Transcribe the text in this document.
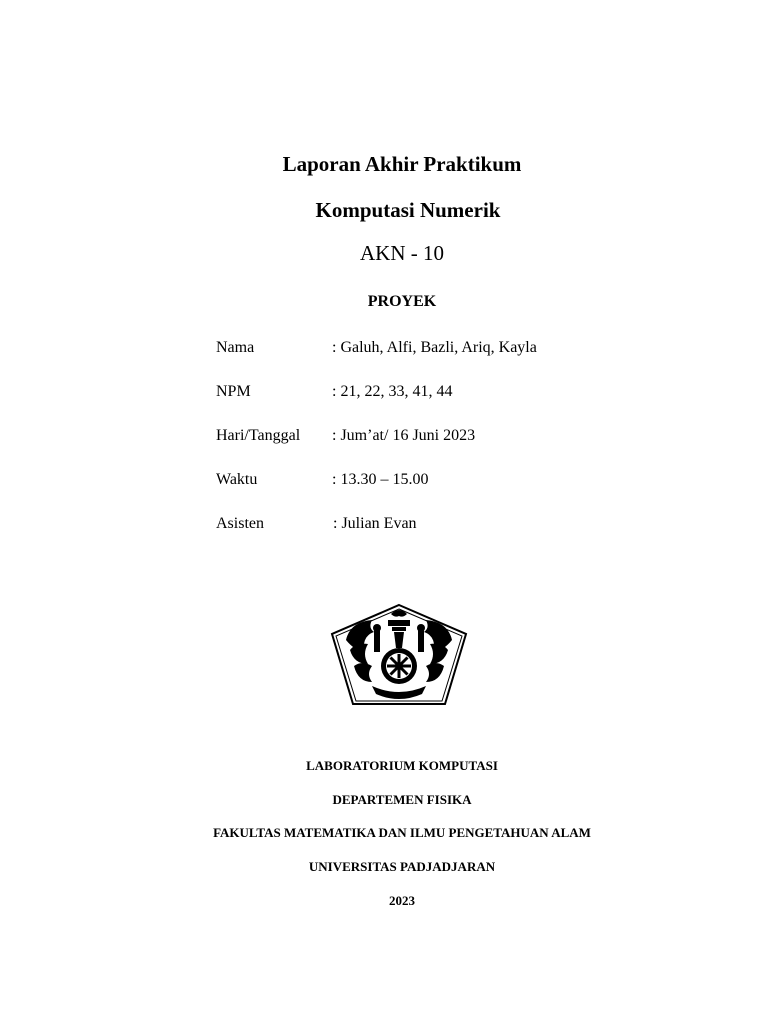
Laporan Akhir Praktikum
Komputasi Numerik
AKN - 10
PROYEK
Nama	: Galuh, Alfi, Bazli, Ariq, Kayla
NPM	: 21, 22, 33, 41, 44
Hari/Tanggal : Jum’at/ 16 Juni 2023
Waktu	: 13.30 – 15.00
Asisten	: Julian Evan
LABORATORIUM KOMPUTASI
DEPARTEMEN FISIKA
FAKULTAS MATEMATIKA DAN ILMU PENGETAHUAN ALAM
UNIVERSITAS PADJADJARAN
2023
